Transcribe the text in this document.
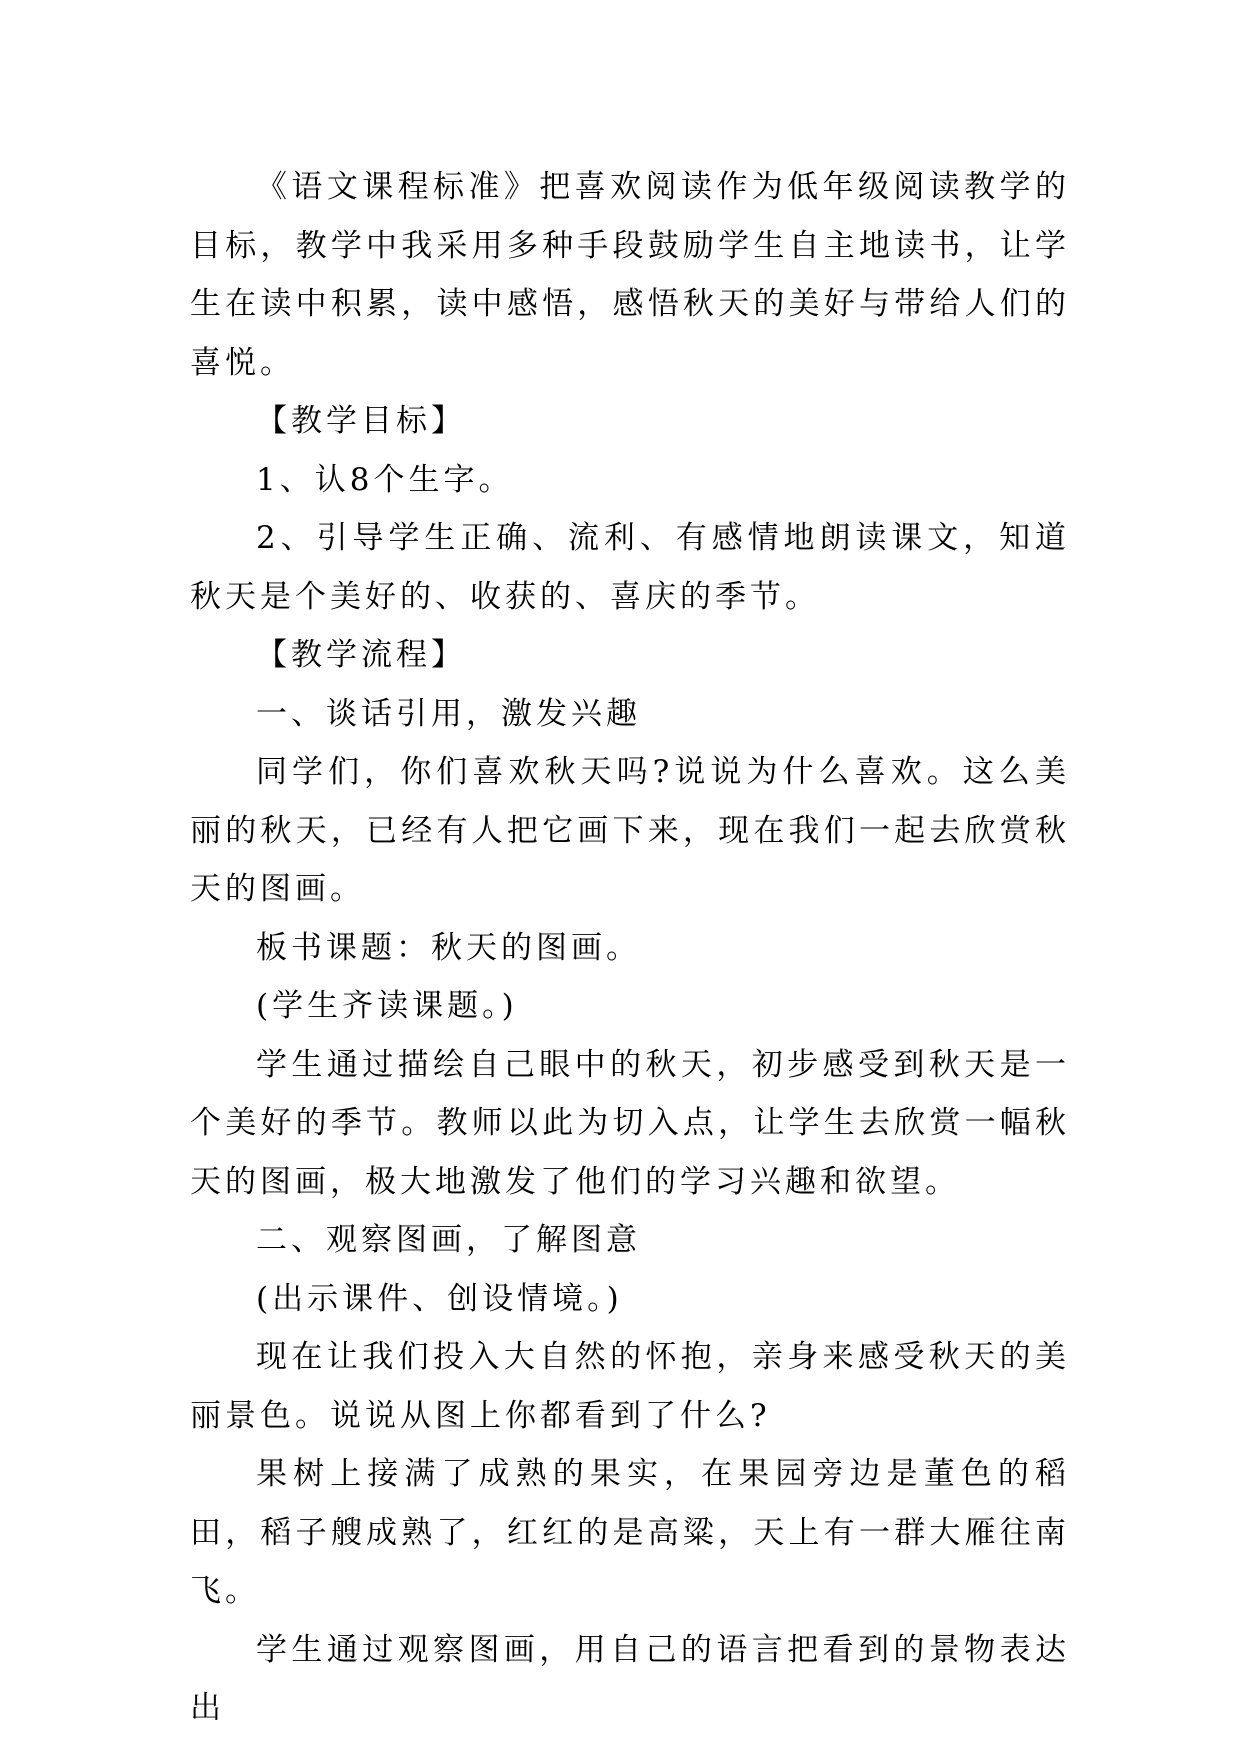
《语文课程标准》把喜欢阅读作为低年级阅读教学的目标，教学中我采用多种手段鼓励学生自主地读书，让学生在读中积累，读中感悟，感悟秋天的美好与带给人们的喜悦。

【教学目标】

1、认8个生字。

2、引导学生正确、流利、有感情地朗读课文，知道秋天是个美好的、收获的、喜庆的季节。

【教学流程】

一、谈话引用，激发兴趣

同学们，你们喜欢秋天吗?说说为什么喜欢。这么美丽的秋天，已经有人把它画下来，现在我们一起去欣赏秋天的图画。

板书课题：秋天的图画。

(学生齐读课题。)

学生通过描绘自己眼中的秋天，初步感受到秋天是一个美好的季节。教师以此为切入点，让学生去欣赏一幅秋天的图画，极大地激发了他们的学习兴趣和欲望。

二、观察图画，了解图意

(出示课件、创设情境。)

现在让我们投入大自然的怀抱，亲身来感受秋天的美丽景色。说说从图上你都看到了什么?

果树上接满了成熟的果实，在果园旁边是董色的稻田，稻子艘成熟了，红红的是高粱，天上有一群大雁往南飞。

学生通过观察图画，用自己的语言把看到的景物表达出
